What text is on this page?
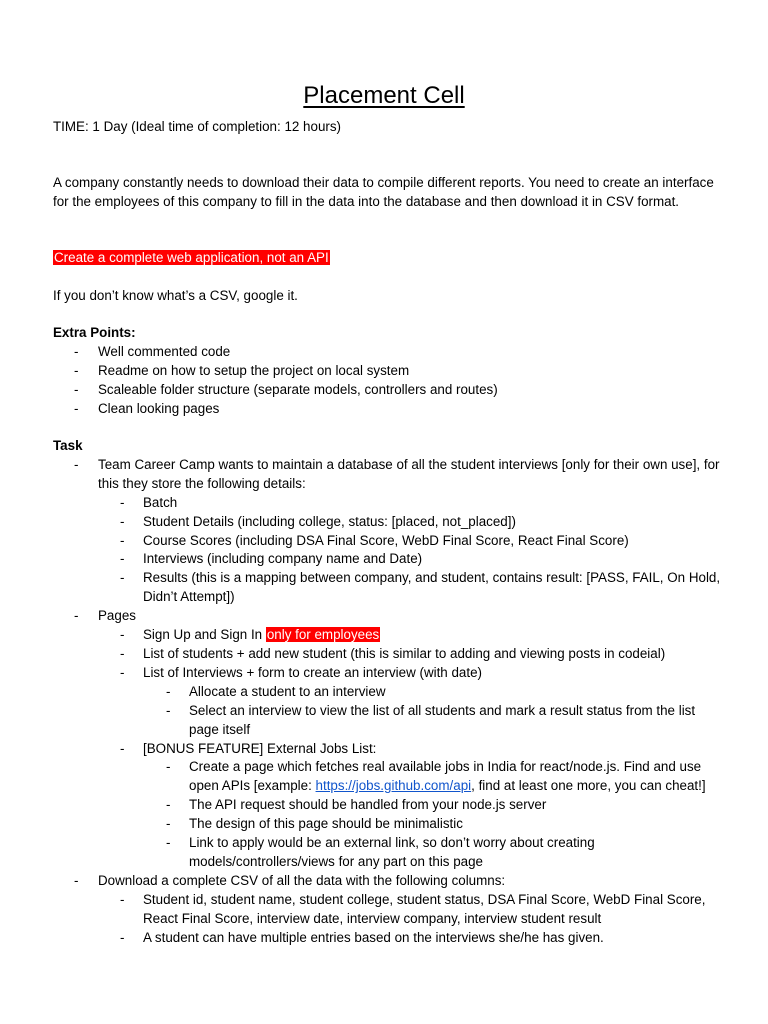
Placement Cell
TIME: 1 Day (Ideal time of completion: 12 hours)
A company constantly needs to download their data to compile different reports. You need to create an interface for the employees of this company to fill in the data into the database and then download it in CSV format.
Create a complete web application, not an API
If you don’t know what’s a CSV, google it.
Extra Points:
- Well commented code
- Readme on how to setup the project on local system
- Scaleable folder structure (separate models, controllers and routes)
- Clean looking pages
Task
- Team Career Camp wants to maintain a database of all the student interviews [only for their own use], for this they store the following details:
- Batch
- Student Details (including college, status: [placed, not_placed])
- Course Scores (including DSA Final Score, WebD Final Score, React Final Score)
- Interviews (including company name and Date)
- Results (this is a mapping between company, and student, contains result: [PASS, FAIL, On Hold, Didn’t Attempt])
- Pages
- Sign Up and Sign In only for employees
- List of students + add new student (this is similar to adding and viewing posts in codeial)
- List of Interviews + form to create an interview (with date)
- Allocate a student to an interview
- Select an interview to view the list of all students and mark a result status from the list page itself
- [BONUS FEATURE] External Jobs List:
- Create a page which fetches real available jobs in India for react/node.js. Find and use open APIs [example: https://jobs.github.com/api, find at least one more, you can cheat!]
- The API request should be handled from your node.js server
- The design of this page should be minimalistic
- Link to apply would be an external link, so don’t worry about creating models/controllers/views for any part on this page
- Download a complete CSV of all the data with the following columns:
- Student id, student name, student college, student status, DSA Final Score, WebD Final Score, React Final Score, interview date, interview company, interview student result
- A student can have multiple entries based on the interviews she/he has given.
